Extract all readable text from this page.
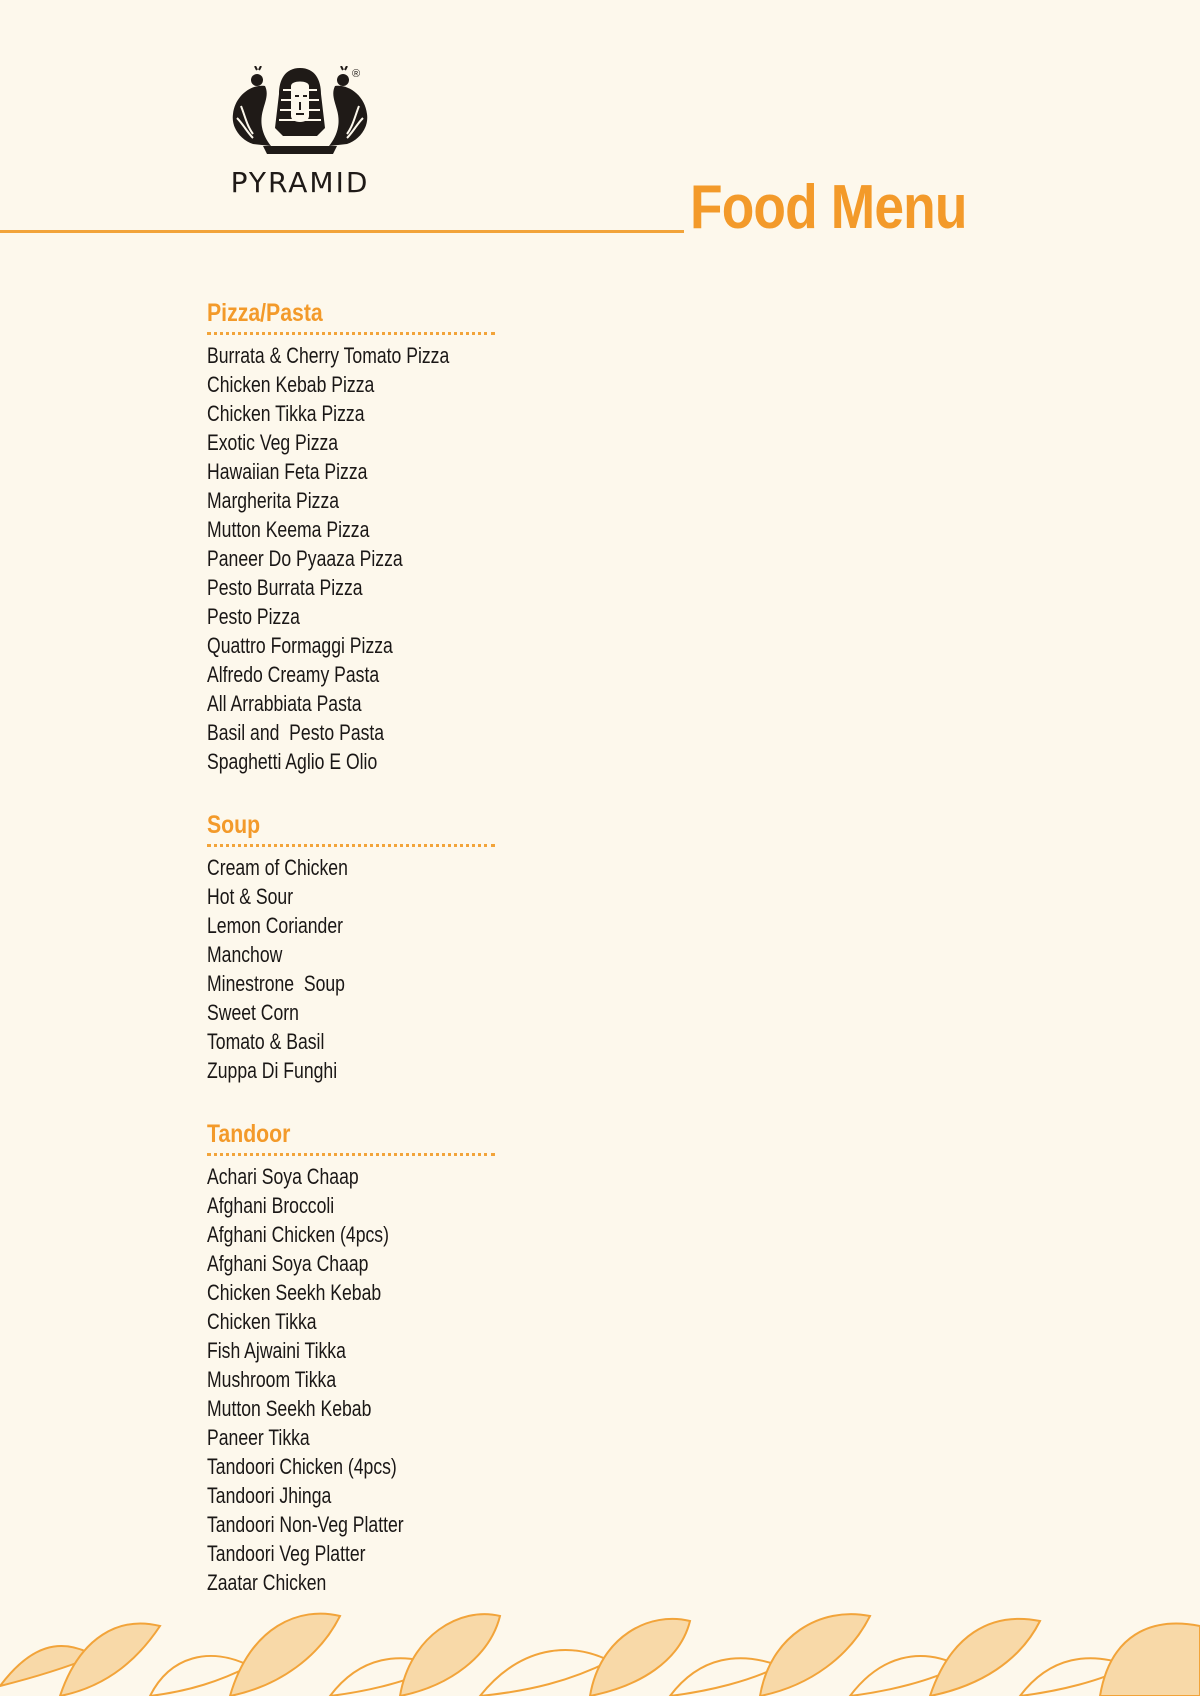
PYRAMID
®
Food Menu
Pizza/Pasta
Burrata & Cherry Tomato Pizza
Chicken Kebab Pizza
Chicken Tikka Pizza
Exotic Veg Pizza
Hawaiian Feta Pizza
Margherita Pizza
Mutton Keema Pizza
Paneer Do Pyaaza Pizza
Pesto Burrata Pizza
Pesto Pizza
Quattro Formaggi Pizza
Alfredo Creamy Pasta
All Arrabbiata Pasta
Basil and  Pesto Pasta
Spaghetti Aglio E Olio
Soup
Cream of Chicken
Hot & Sour
Lemon Coriander
Manchow
Minestrone  Soup
Sweet Corn
Tomato & Basil
Zuppa Di Funghi
Tandoor
Achari Soya Chaap
Afghani Broccoli
Afghani Chicken (4pcs)
Afghani Soya Chaap
Chicken Seekh Kebab
Chicken Tikka
Fish Ajwaini Tikka
Mushroom Tikka
Mutton Seekh Kebab
Paneer Tikka
Tandoori Chicken (4pcs)
Tandoori Jhinga
Tandoori Non-Veg Platter
Tandoori Veg Platter
Zaatar Chicken
